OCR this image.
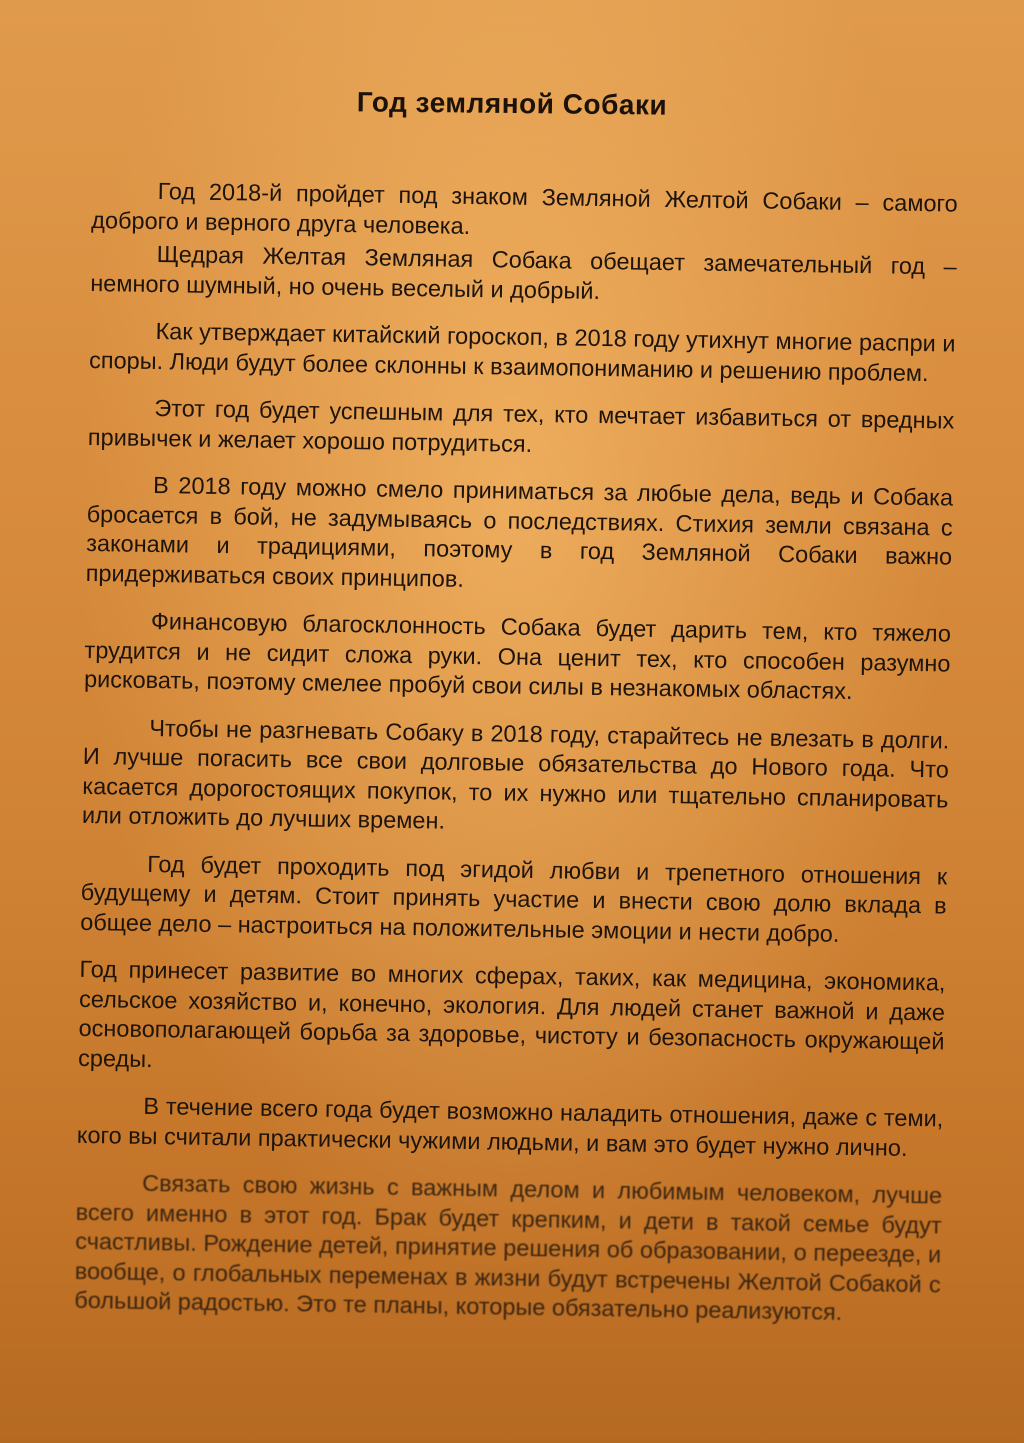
Год земляной Собаки

Год 2018-й пройдет под знаком Земляной Желтой Собаки – самого доброго и верного друга человека.

Щедрая Желтая Земляная Собака обещает замечательный год – немного шумный, но очень веселый и добрый.

Как утверждает китайский гороскоп, в 2018 году утихнут многие распри и споры. Люди будут более склонны к взаимопониманию и решению проблем.

Этот год будет успешным для тех, кто мечтает избавиться от вредных привычек и желает хорошо потрудиться.

В 2018 году можно смело приниматься за любые дела, ведь и Собака бросается в бой, не задумываясь о последствиях. Стихия земли связана с законами и традициями, поэтому в год Земляной Собаки важно придерживаться своих принципов.

Финансовую благосклонность Собака будет дарить тем, кто тяжело трудится и не сидит сложа руки. Она ценит тех, кто способен разумно рисковать, поэтому смелее пробуй свои силы в незнакомых областях.

Чтобы не разгневать Собаку в 2018 году, старайтесь не влезать в долги. И лучше погасить все свои долговые обязательства до Нового года. Что касается дорогостоящих покупок, то их нужно или тщательно спланировать или отложить до лучших времен.

Год будет проходить под эгидой любви и трепетного отношения к будущему и детям. Стоит принять участие и внести свою долю вклада в общее дело – настроиться на положительные эмоции и нести добро.

Год принесет развитие во многих сферах, таких, как медицина, экономика, сельское хозяйство и, конечно, экология. Для людей станет важной и даже основополагающей борьба за здоровье, чистоту и безопасность окружающей среды.

В течение всего года будет возможно наладить отношения, даже с теми, кого вы считали практически чужими людьми, и вам это будет нужно лично.

Связать свою жизнь с важным делом и любимым человеком, лучше всего именно в этот год. Брак будет крепким, и дети в такой семье будут счастливы. Рождение детей, принятие решения об образовании, о переезде, и вообще, о глобальных переменах в жизни будут встречены Желтой Собакой с большой радостью. Это те планы, которые обязательно реализуются.
